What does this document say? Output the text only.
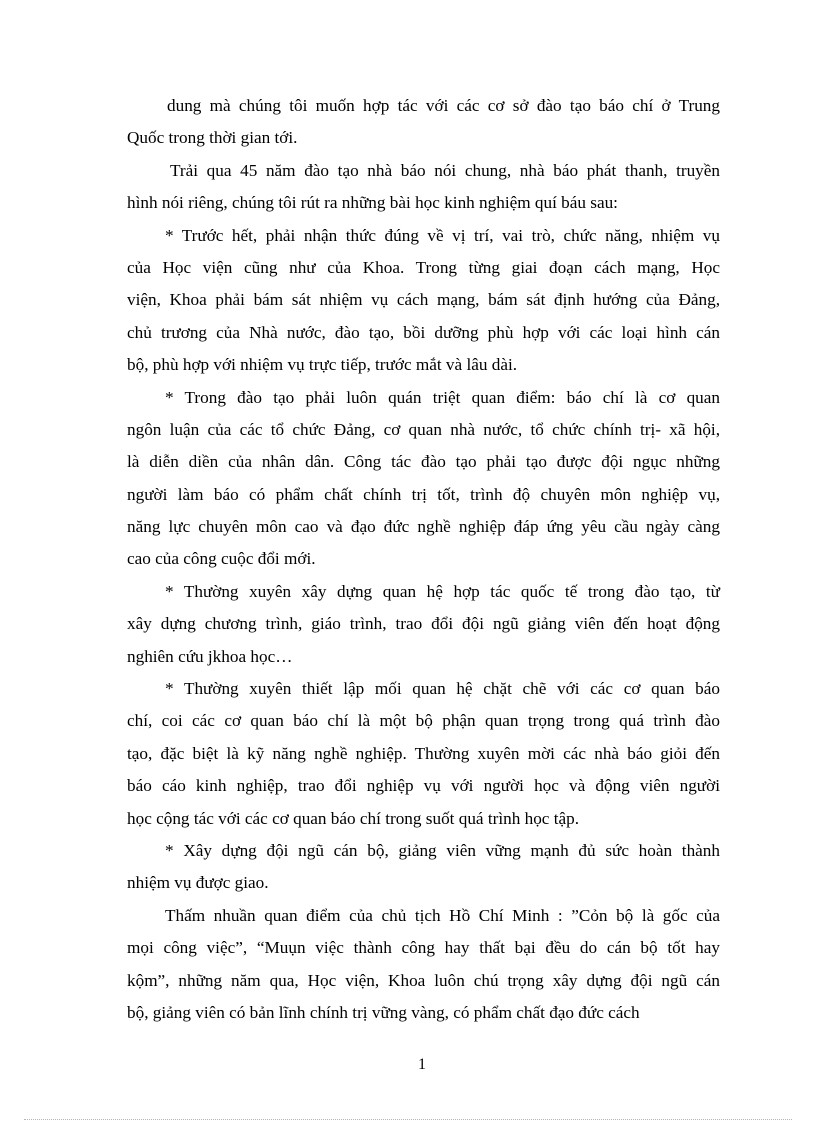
dung mà chúng tôi muốn hợp tác với các cơ sở đào tạo báo chí ở Trung
Quốc trong thời gian tới.
Trải qua 45 năm đào tạo nhà báo nói chung, nhà báo phát thanh, truyền
hình nói riêng, chúng tôi rút ra những bài học kinh nghiệm quí báu sau:
* Trước hết, phải nhận thức đúng về vị trí, vai trò, chức năng, nhiệm vụ
của Học viện cũng như của Khoa. Trong từng giai đoạn cách mạng, Học
viện, Khoa phải bám sát nhiệm vụ cách mạng, bám sát định hướng của Đảng,
chủ trương của Nhà nước, đào tạo, bồi dưỡng phù hợp với các loại hình cán
bộ, phù hợp với nhiệm vụ trực tiếp, trước mắt và lâu dài.
* Trong đào tạo phải luôn quán triệt quan điểm: báo chí là cơ quan
ngôn luận của các tổ chức Đảng, cơ quan nhà nước, tổ chức chính trị- xã hội,
là diễn diền của nhân dân. Công tác đào tạo phải tạo được đội ngục những
người làm báo có phẩm chất chính trị tốt, trình độ chuyên môn nghiệp vụ,
năng lực chuyên môn cao và đạo đức nghề nghiệp đáp ứng yêu cầu ngày càng
cao của công cuộc đổi mới.
* Thường xuyên xây dựng quan hệ hợp tác quốc tế trong đào tạo, từ
xây dựng chương trình, giáo trình, trao đổi đội ngũ giảng viên đến hoạt động
nghiên cứu jkhoa học…
* Thường xuyên thiết lập mối quan hệ chặt chẽ với các cơ quan báo
chí, coi các cơ quan báo chí là một bộ phận quan trọng trong quá trình đào
tạo, đặc biệt là kỹ năng nghề nghiệp. Thường xuyên mời các nhà báo giỏi đến
báo cáo kinh nghiệp, trao đổi nghiệp vụ với người học và động viên người
học cộng tác với các cơ quan báo chí trong suốt quá trình học tập.
* Xây dựng đội ngũ cán bộ, giảng viên vững mạnh đủ sức hoàn thành
nhiệm vụ được giao.
Thấm nhuần quan điểm của chủ tịch Hồ Chí Minh : ”Cỏn bộ là gốc của
mọi công việc”, “Muụn việc thành công hay thất bại đều do cán bộ tốt hay
kộm”, những năm qua, Học viện, Khoa luôn chú trọng xây dựng đội ngũ cán
bộ, giảng viên có bản lĩnh chính trị vững vàng, có phẩm chất đạo đức cách
1
